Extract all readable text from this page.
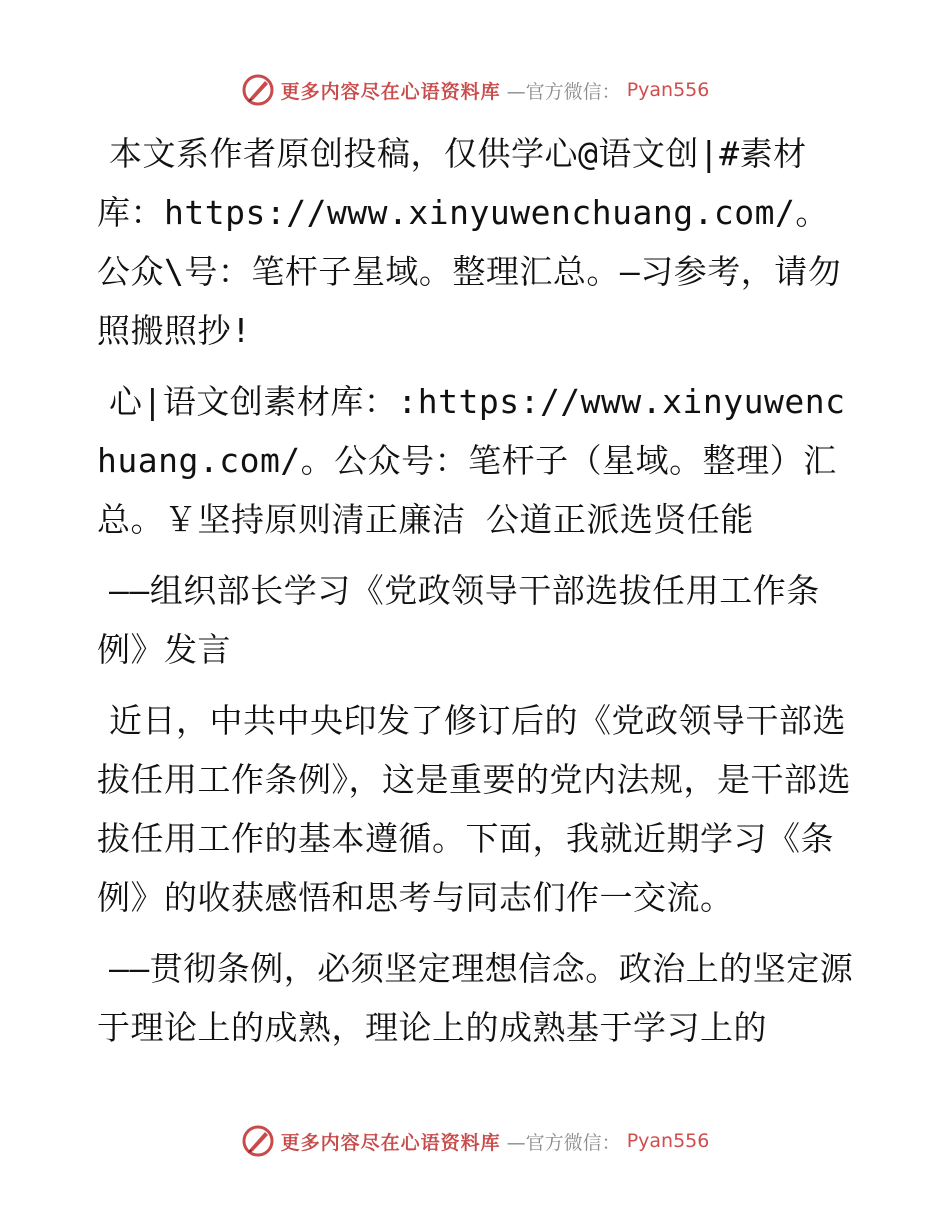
更多内容尽在心语资料库 —官方微信： Pyan556

本文系作者原创投稿，仅供学心@语文创|#素材库：https://www.xinyuwenchuang.com/。公众\号：笔杆子星域。整理汇总。—习参考，请勿照搬照抄!

心|语文创素材库：:https://www.xinyuwenchuang.com/。公众号：笔杆子（星域。整理）汇总。￥坚持原则清正廉洁 公道正派选贤任能

——组织部长学习《党政领导干部选拔任用工作条例》发言

近日，中共中央印发了修订后的《党政领导干部选拔任用工作条例》，这是重要的党内法规，是干部选拔任用工作的基本遵循。下面，我就近期学习《条例》的收获感悟和思考与同志们作一交流。

——贯彻条例，必须坚定理想信念。政治上的坚定源于理论上的成熟，理论上的成熟基于学习上的

更多内容尽在心语资料库 —官方微信： Pyan556
